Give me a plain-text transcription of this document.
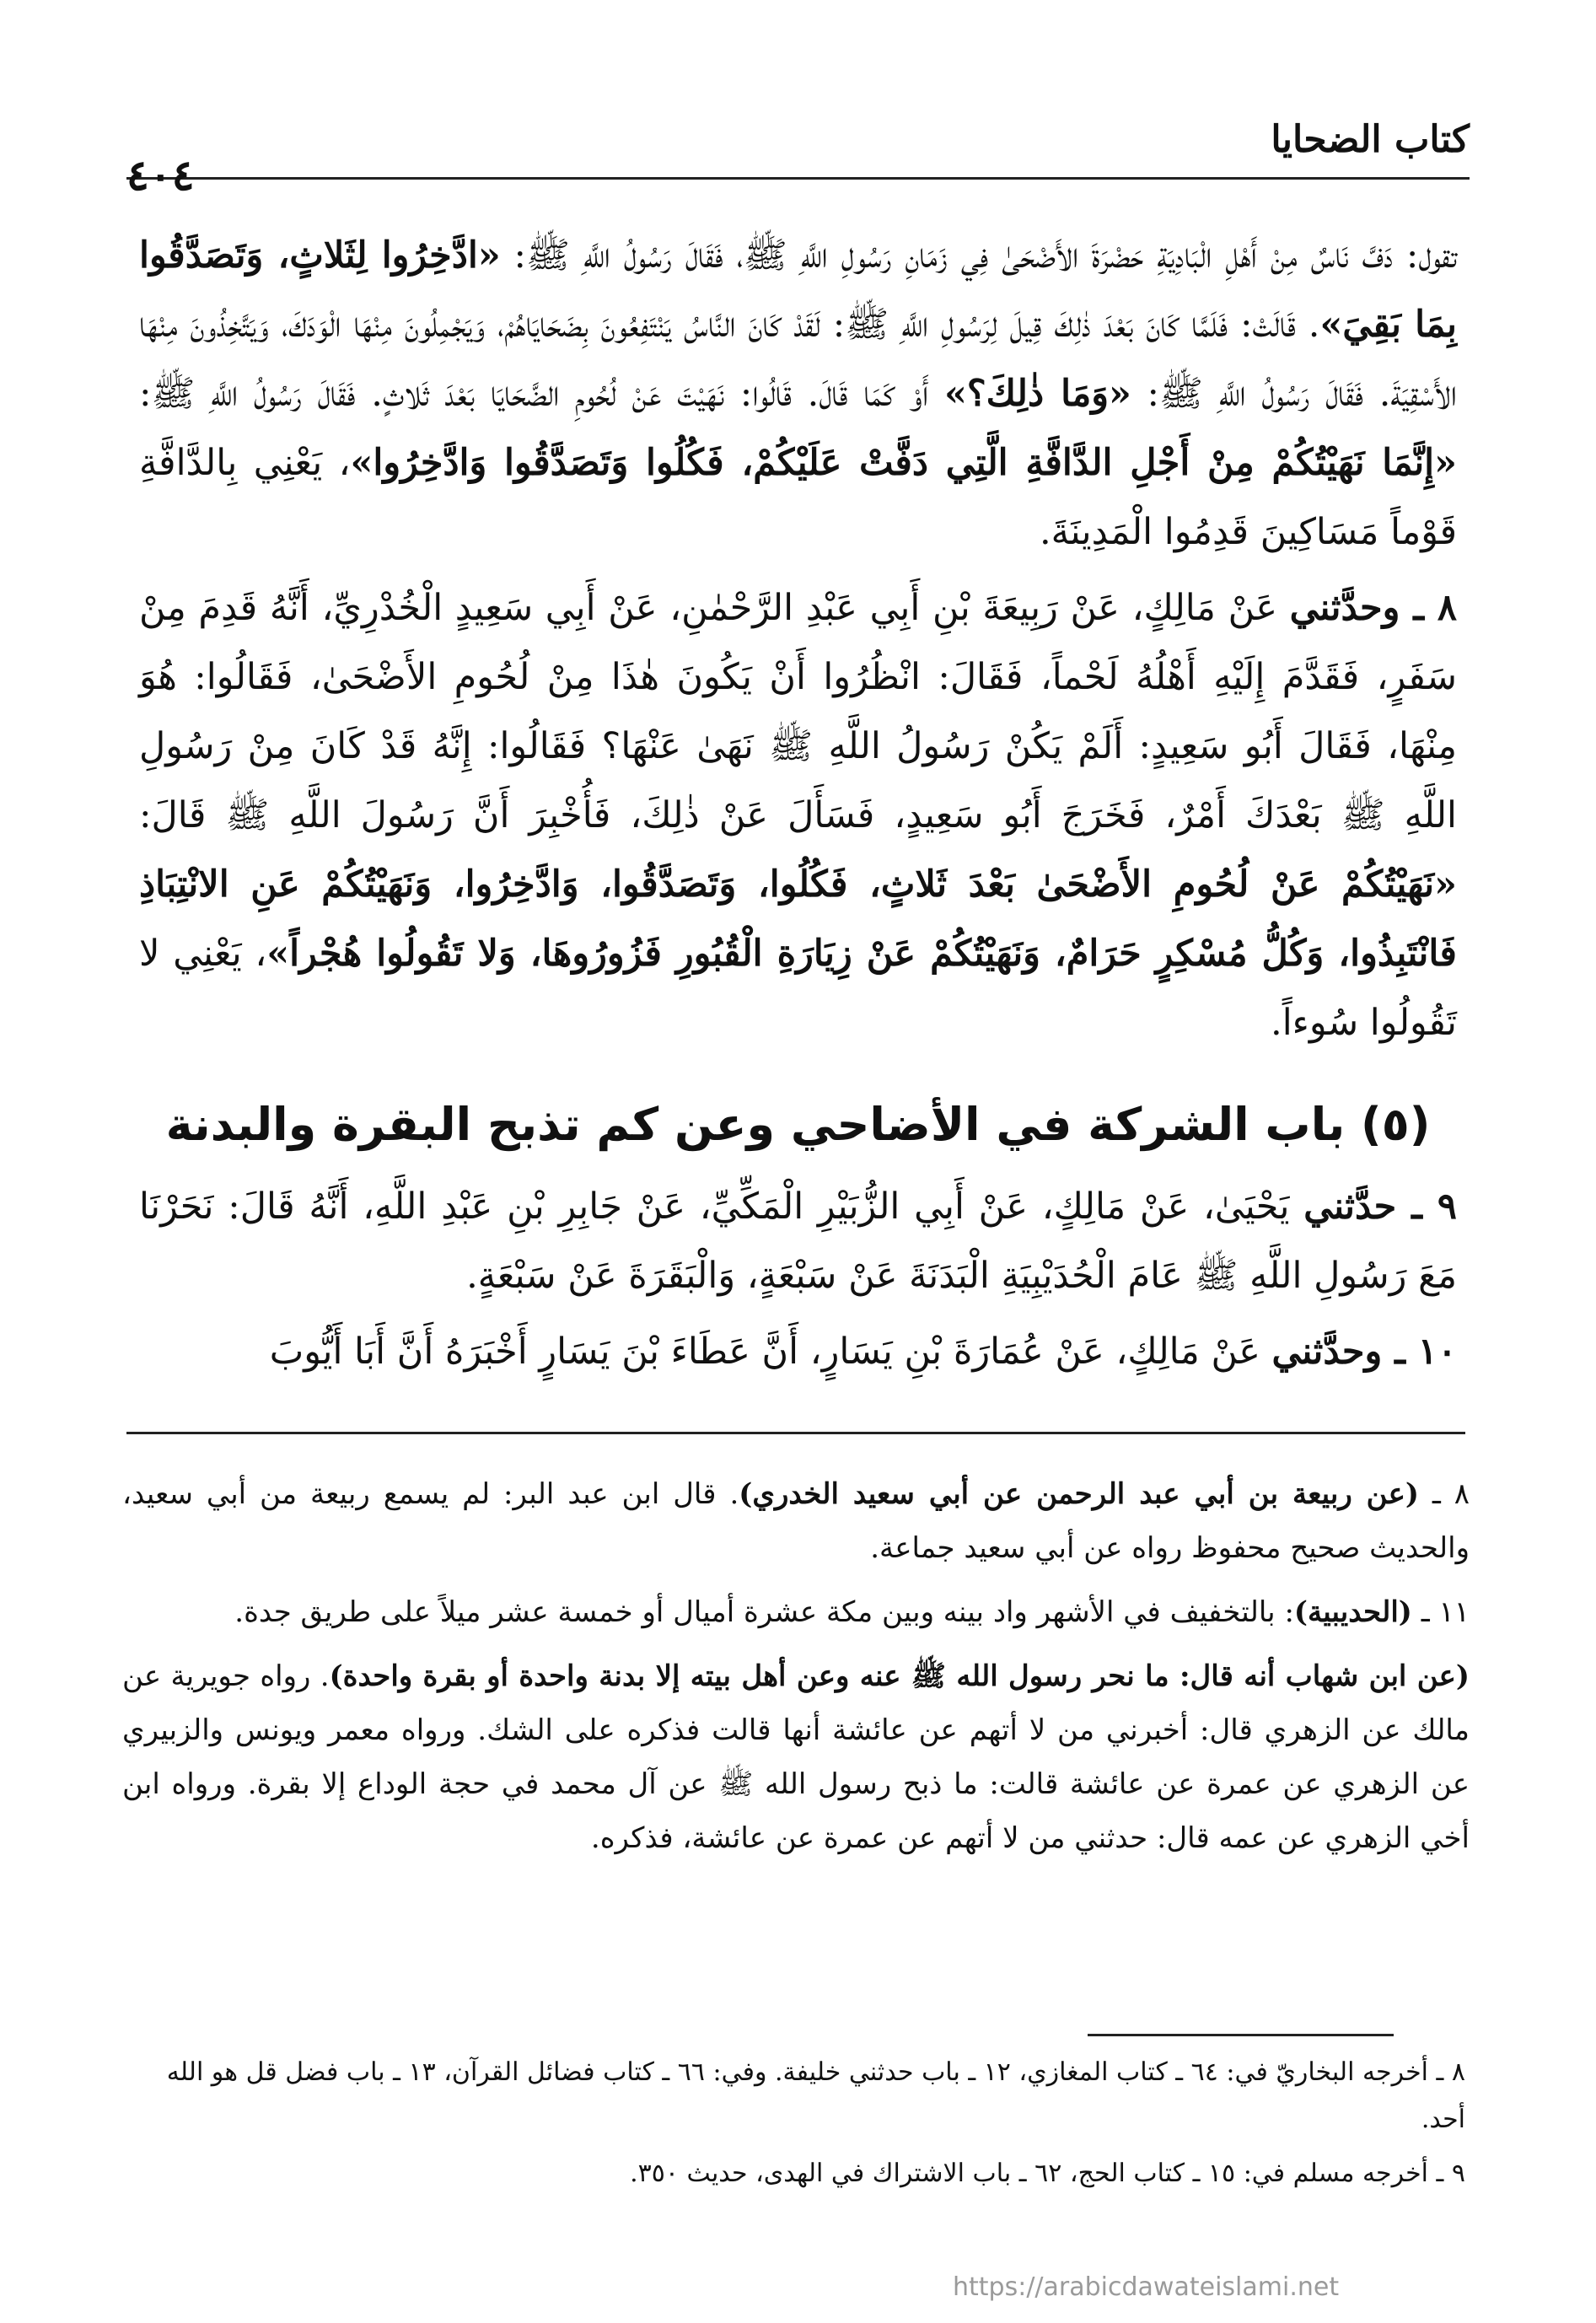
كتاب الضحايا
٤٠٤

تقول: دَفَّ نَاسٌ مِنْ أَهْلِ الْبَادِيَةِ حَضْرَةَ الأَضْحَىٰ فِي زَمَانِ رَسُولِ اللَّهِ ﷺ، فَقَالَ رَسُولُ اللَّهِ ﷺ: «ادَّخِرُوا لِثَلاثٍ، وَتَصَدَّقُوا بِمَا بَقِيَ». قَالَتْ: فَلَمَّا كَانَ بَعْدَ ذٰلِكَ قِيلَ لِرَسُولِ اللَّهِ ﷺ: لَقَدْ كَانَ النَّاسُ يَنْتَفِعُونَ بِضَحَايَاهُمْ، وَيَجْمِلُونَ مِنْهَا الْوَدَكَ، وَيَتَّخِذُونَ مِنْهَا الأَسْقِيَةَ. فَقَالَ رَسُولُ اللَّهِ ﷺ: «وَمَا ذٰلِكَ؟» أَوْ كَمَا قَالَ. قَالُوا: نَهَيْتَ عَنْ لُحُومِ الضَّحَايَا بَعْدَ ثَلاثٍ. فَقَالَ رَسُولُ اللَّهِ ﷺ: «إِنَّمَا نَهَيْتُكُمْ مِنْ أَجْلِ الدَّافَّةِ الَّتِي دَفَّتْ عَلَيْكُمْ، فَكُلُوا وَتَصَدَّقُوا وَادَّخِرُوا»، يَعْنِي بِالدَّافَّةِ قَوْماً مَسَاكِينَ قَدِمُوا الْمَدِينَةَ.

٨ ـ وحدَّثني عَنْ مَالِكٍ، عَنْ رَبِيعَةَ بْنِ أَبِي عَبْدِ الرَّحْمٰنِ، عَنْ أَبِي سَعِيدٍ الْخُدْرِيِّ، أَنَّهُ قَدِمَ مِنْ سَفَرٍ، فَقَدَّمَ إِلَيْهِ أَهْلُهُ لَحْماً، فَقَالَ: انْظُرُوا أَنْ يَكُونَ هٰذَا مِنْ لُحُومِ الأَضْحَىٰ، فَقَالُوا: هُوَ مِنْهَا، فَقَالَ أَبُو سَعِيدٍ: أَلَمْ يَكُنْ رَسُولُ اللَّهِ ﷺ نَهَىٰ عَنْهَا؟ فَقَالُوا: إِنَّهُ قَدْ كَانَ مِنْ رَسُولِ اللَّهِ ﷺ بَعْدَكَ أَمْرٌ، فَخَرَجَ أَبُو سَعِيدٍ، فَسَأَلَ عَنْ ذٰلِكَ، فَأُخْبِرَ أَنَّ رَسُولَ اللَّهِ ﷺ قَالَ: «نَهَيْتُكُمْ عَنْ لُحُومِ الأَضْحَىٰ بَعْدَ ثَلاثٍ، فَكُلُوا، وَتَصَدَّقُوا، وَادَّخِرُوا، وَنَهَيْتُكُمْ عَنِ الانْتِبَاذِ فَانْتَبِذُوا، وَكُلُّ مُسْكِرٍ حَرَامٌ، وَنَهَيْتُكُمْ عَنْ زِيَارَةِ الْقُبُورِ فَزُورُوهَا، وَلا تَقُولُوا هُجْراً»، يَعْنِي لا تَقُولُوا سُوءاً.

(٥) باب الشركة في الأضاحي وعن كم تذبح البقرة والبدنة

٩ ـ حدَّثني يَحْيَىٰ، عَنْ مَالِكٍ، عَنْ أَبِي الزُّبَيْرِ الْمَكِّيِّ، عَنْ جَابِرِ بْنِ عَبْدِ اللَّهِ، أَنَّهُ قَالَ: نَحَرْنَا مَعَ رَسُولِ اللَّهِ ﷺ عَامَ الْحُدَيْبِيَةِ الْبَدَنَةَ عَنْ سَبْعَةٍ، وَالْبَقَرَةَ عَنْ سَبْعَةٍ.

١٠ ـ وحدَّثني عَنْ مَالِكٍ، عَنْ عُمَارَةَ بْنِ يَسَارٍ، أَنَّ عَطَاءَ بْنَ يَسَارٍ أَخْبَرَهُ أَنَّ أَبَا أَيُّوبَ

٨ ـ (عن ربيعة بن أبي عبد الرحمن عن أبي سعيد الخدري). قال ابن عبد البر: لم يسمع ربيعة من أبي سعيد، والحديث صحيح محفوظ رواه عن أبي سعيد جماعة.

١١ ـ (الحديبية): بالتخفيف في الأشهر واد بينه وبين مكة عشرة أميال أو خمسة عشر ميلاً على طريق جدة.

(عن ابن شهاب أنه قال: ما نحر رسول الله ﷺ عنه وعن أهل بيته إلا بدنة واحدة أو بقرة واحدة). رواه جويرية عن مالك عن الزهري قال: أخبرني من لا أتهم عن عائشة أنها قالت فذكره على الشك. ورواه معمر ويونس والزبيري عن الزهري عن عمرة عن عائشة قالت: ما ذبح رسول الله ﷺ عن آل محمد في حجة الوداع إلا بقرة. ورواه ابن أخي الزهري عن عمه قال: حدثني من لا أتهم عن عمرة عن عائشة، فذكره.

٨ ـ أخرجه البخاريّ في: ٦٤ ـ كتاب المغازي، ١٢ ـ باب حدثني خليفة. وفي: ٦٦ ـ كتاب فضائل القرآن، ١٣ ـ باب فضل قل هو الله أحد.

٩ ـ أخرجه مسلم في: ١٥ ـ كتاب الحج، ٦٢ ـ باب الاشتراك في الهدى، حديث ٣٥٠.

https://arabicdawateislami.net
